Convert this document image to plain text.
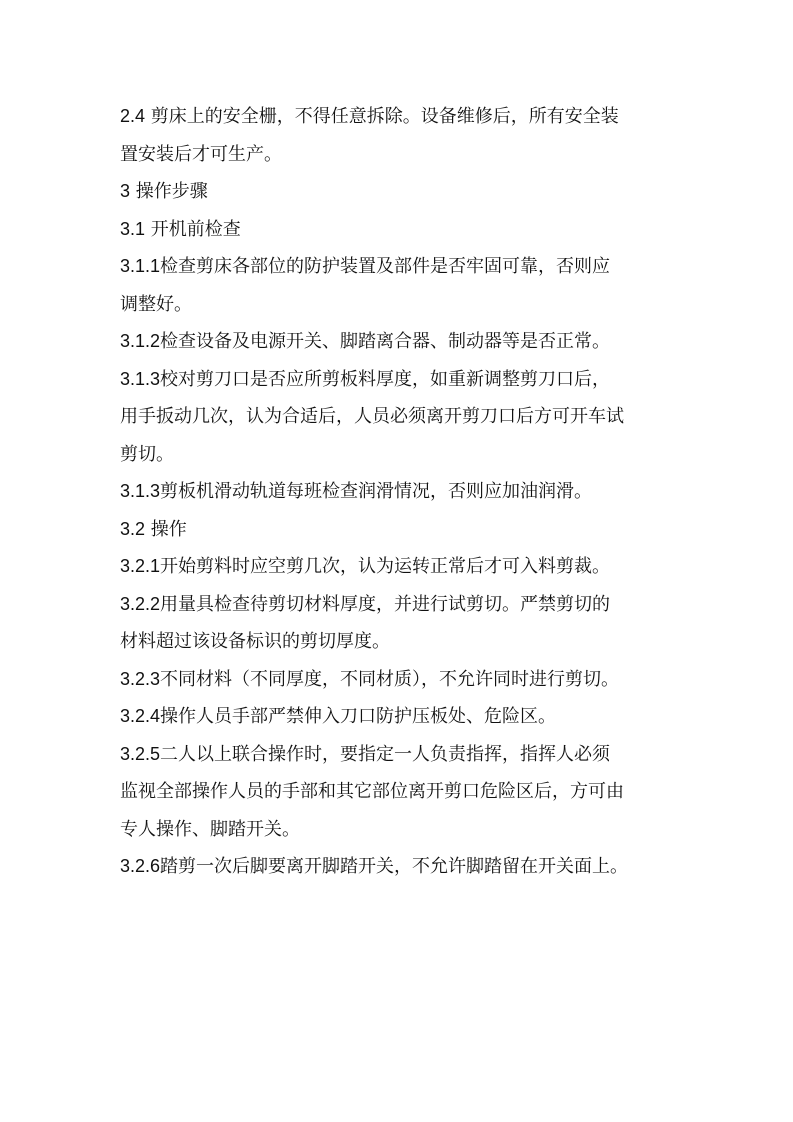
2.4 剪床上的安全栅，不得任意拆除。设备维修后，所有安全装
置安装后才可生产。
3 操作步骤
3.1 开机前检查
3.1.1检查剪床各部位的防护装置及部件是否牢固可靠，否则应
调整好。
3.1.2检查设备及电源开关、脚踏离合器、制动器等是否正常。
3.1.3校对剪刀口是否应所剪板料厚度，如重新调整剪刀口后，
用手扳动几次，认为合适后，人员必须离开剪刀口后方可开车试
剪切。
3.1.3剪板机滑动轨道每班检查润滑情况，否则应加油润滑。
3.2 操作
3.2.1开始剪料时应空剪几次，认为运转正常后才可入料剪裁。
3.2.2用量具检查待剪切材料厚度，并进行试剪切。严禁剪切的
材料超过该设备标识的剪切厚度。
3.2.3不同材料（不同厚度，不同材质），不允许同时进行剪切。
3.2.4操作人员手部严禁伸入刀口防护压板处、危险区。
3.2.5二人以上联合操作时，要指定一人负责指挥，指挥人必须
监视全部操作人员的手部和其它部位离开剪口危险区后，方可由
专人操作、脚踏开关。
3.2.6踏剪一次后脚要离开脚踏开关，不允许脚踏留在开关面上。
